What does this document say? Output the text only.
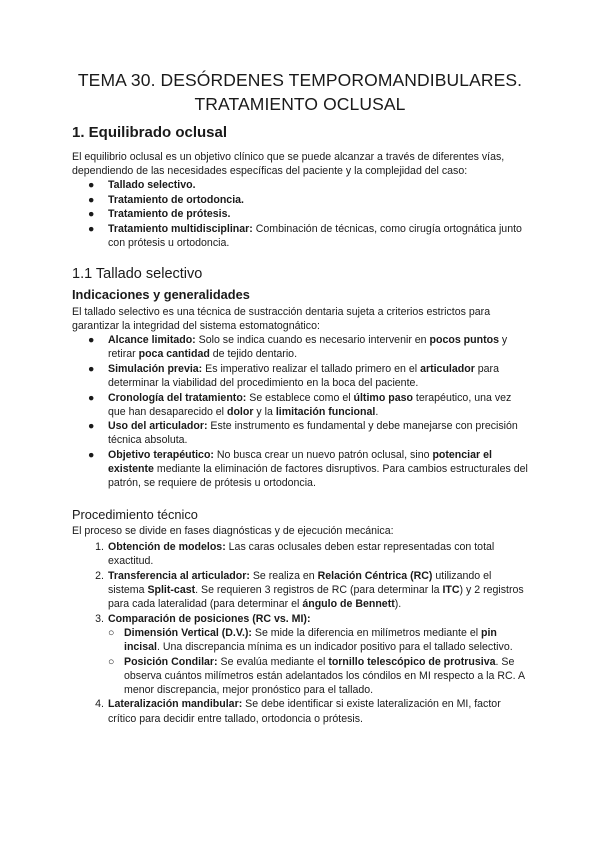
TEMA 30. DESÓRDENES TEMPOROMANDIBULARES.
TRATAMIENTO OCLUSAL
1. Equilibrado oclusal

El equilibrio oclusal es un objetivo clínico que se puede alcanzar a través de diferentes vías, dependiendo de las necesidades específicas del paciente y la complejidad del caso:

●	Tallado selectivo.
●	Tratamiento de ortodoncia.
●	Tratamiento de prótesis.
●	Tratamiento multidisciplinar: Combinación de técnicas, como cirugía ortognática junto con prótesis u ortodoncia.
1.1 Tallado selectivo
Indicaciones y generalidades

El tallado selectivo es una técnica de sustracción dentaria sujeta a criterios estrictos para garantizar la integridad del sistema estomatognático:

●	Alcance limitado: Solo se indica cuando es necesario intervenir en pocos puntos y retirar poca cantidad de tejido dentario.
●	Simulación previa: Es imperativo realizar el tallado primero en el articulador para determinar la viabilidad del procedimiento en la boca del paciente.
●	Cronología del tratamiento: Se establece como el último paso terapéutico, una vez que han desaparecido el dolor y la limitación funcional.
●	Uso del articulador: Este instrumento es fundamental y debe manejarse con precisión técnica absoluta.
●	Objetivo terapéutico: No busca crear un nuevo patrón oclusal, sino potenciar el existente mediante la eliminación de factores disruptivos. Para cambios estructurales del patrón, se requiere de prótesis u ortodoncia.
Procedimiento técnico

El proceso se divide en fases diagnósticas y de ejecución mecánica:

1. Obtención de modelos: Las caras oclusales deben estar representadas con total exactitud.
2. Transferencia al articulador: Se realiza en Relación Céntrica (RC) utilizando el sistema Split-cast. Se requieren 3 registros de RC (para determinar la ITC) y 2 registros para cada lateralidad (para determinar el ángulo de Bennett).
3. Comparación de posiciones (RC vs. MI):
○ Dimensión Vertical (D.V.): Se mide la diferencia en milímetros mediante el pin incisal. Una discrepancia mínima es un indicador positivo para el tallado selectivo.
○ Posición Condilar: Se evalúa mediante el tornillo telescópico de protrusiva. Se observa cuántos milímetros están adelantados los cóndilos en MI respecto a la RC. A menor discrepancia, mejor pronóstico para el tallado.
4. Lateralización mandibular: Se debe identificar si existe lateralización en MI, factor crítico para decidir entre tallado, ortodoncia o prótesis.
